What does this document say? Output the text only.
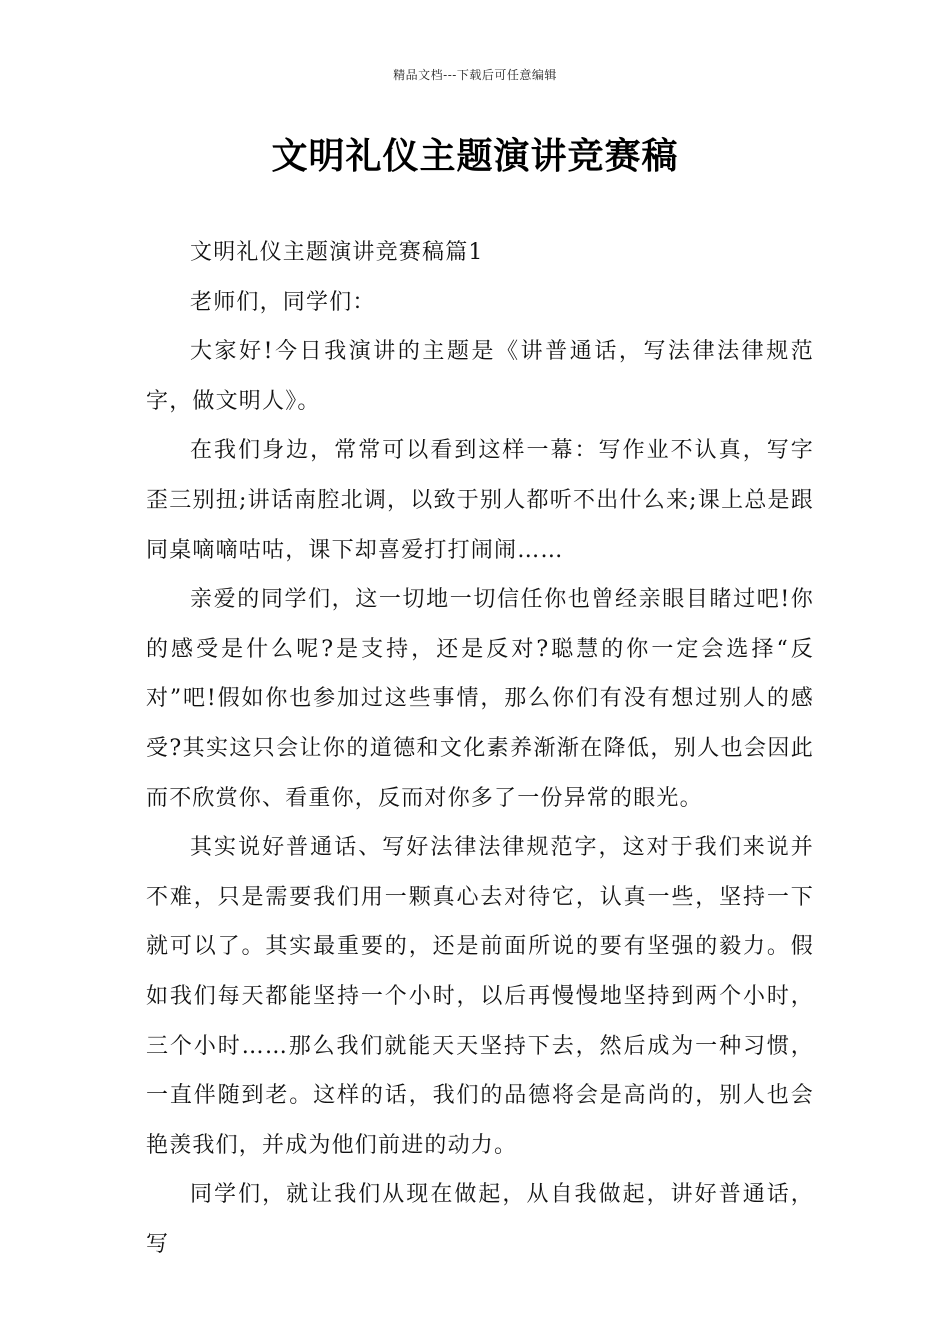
精品文档---下载后可任意编辑
文明礼仪主题演讲竞赛稿

文明礼仪主题演讲竞赛稿篇1

老师们，同学们：

大家好!今日我演讲的主题是《讲普通话，写法律法律规范字，做文明人》。

在我们身边，常常可以看到这样一幕：写作业不认真，写字歪三别扭;讲话南腔北调，以致于别人都听不出什么来;课上总是跟同桌嘀嘀咕咕，课下却喜爱打打闹闹……

亲爱的同学们，这一切地一切信任你也曾经亲眼目睹过吧!你的感受是什么呢?是支持，还是反对?聪慧的你一定会选择“反对”吧!假如你也参加过这些事情，那么你们有没有想过别人的感受?其实这只会让你的道德和文化素养渐渐在降低，别人也会因此而不欣赏你、看重你，反而对你多了一份异常的眼光。

其实说好普通话、写好法律法律规范字，这对于我们来说并不难，只是需要我们用一颗真心去对待它，认真一些，坚持一下就可以了。其实最重要的，还是前面所说的要有坚强的毅力。假如我们每天都能坚持一个小时，以后再慢慢地坚持到两个小时，三个小时……那么我们就能天天坚持下去，然后成为一种习惯，一直伴随到老。这样的话，我们的品德将会是高尚的，别人也会艳羡我们，并成为他们前进的动力。

同学们，就让我们从现在做起，从自我做起，讲好普通话，写
